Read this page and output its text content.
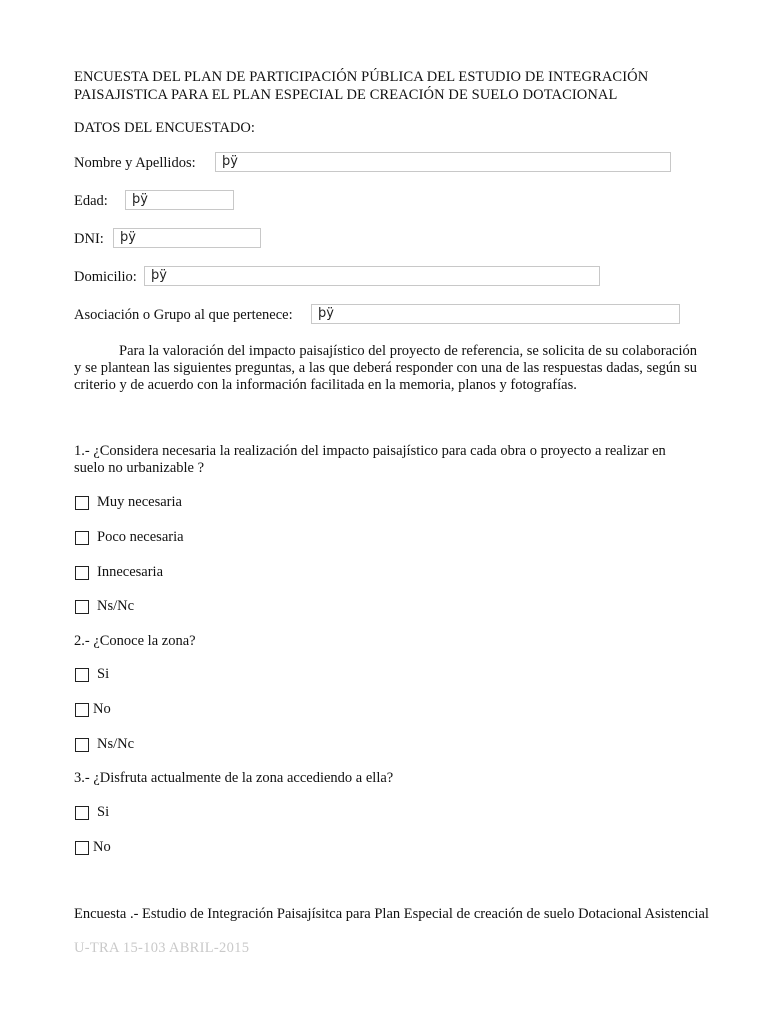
ENCUESTA DEL PLAN DE PARTICIPACIÓN PÚBLICA DEL ESTUDIO DE INTEGRACIÓN
PAISAJISTICA PARA EL PLAN ESPECIAL DE CREACIÓN DE SUELO DOTACIONAL
DATOS DEL ENCUESTADO:
Nombre y Apellidos: þÿ
Edad: þÿ
DNI: þÿ
Domicilio: þÿ
Asociación o Grupo al que pertenece: þÿ
Para la valoración del impacto paisajístico del proyecto de referencia, se solicita de su colaboración y se plantean las siguientes preguntas, a las que deberá responder con una de las respuestas dadas, según su criterio y de acuerdo con la información facilitada en la memoria, planos y fotografías.
1.- ¿Considera necesaria la realización del impacto paisajístico para cada obra o proyecto a realizar en suelo no urbanizable ?
Muy necesaria
Poco necesaria
Innecesaria
Ns/Nc
2.- ¿Conoce la zona?
Si
No
Ns/Nc
3.- ¿Disfruta actualmente de la zona accediendo a ella?
Si
No
Encuesta .- Estudio de Integración Paisajísitca para Plan Especial de creación de suelo Dotacional Asistencial
U-TRA 15-103 ABRIL-2015
